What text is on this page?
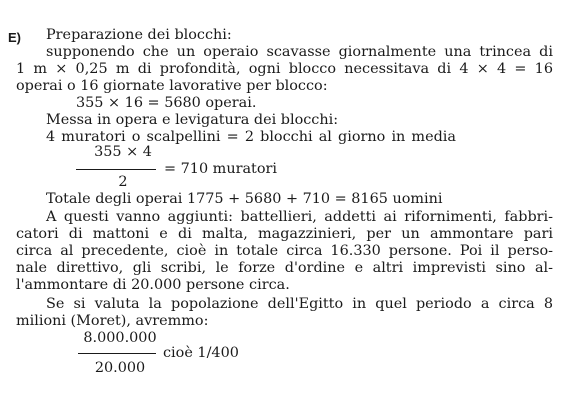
E) Preparazione dei blocchi:
supponendo che un operaio scavasse giornalmente una trincea di
1 m × 0,25 m di profondità, ogni blocco necessitava di 4 × 4 = 16
operai o 16 giornate lavorative per blocco:
355 × 16 = 5680 operai.
Messa in opera e levigatura dei blocchi:
4 muratori o scalpellini = 2 blocchi al giorno in media
355 × 4
= 710 muratori
2
Totale degli operai 1775 + 5680 + 710 = 8165 uomini
A questi vanno aggiunti: battellieri, addetti ai rifornimenti, fabbri-
catori di mattoni e di malta, magazzinieri, per un ammontare pari
circa al precedente, cioè in totale circa 16.330 persone. Poi il perso-
nale direttivo, gli scribi, le forze d'ordine e altri imprevisti sino al-
l'ammontare di 20.000 persone circa.
Se si valuta la popolazione dell'Egitto in quel periodo a circa 8
milioni (Moret), avremmo:
8.000.000
cioè 1/400
20.000
